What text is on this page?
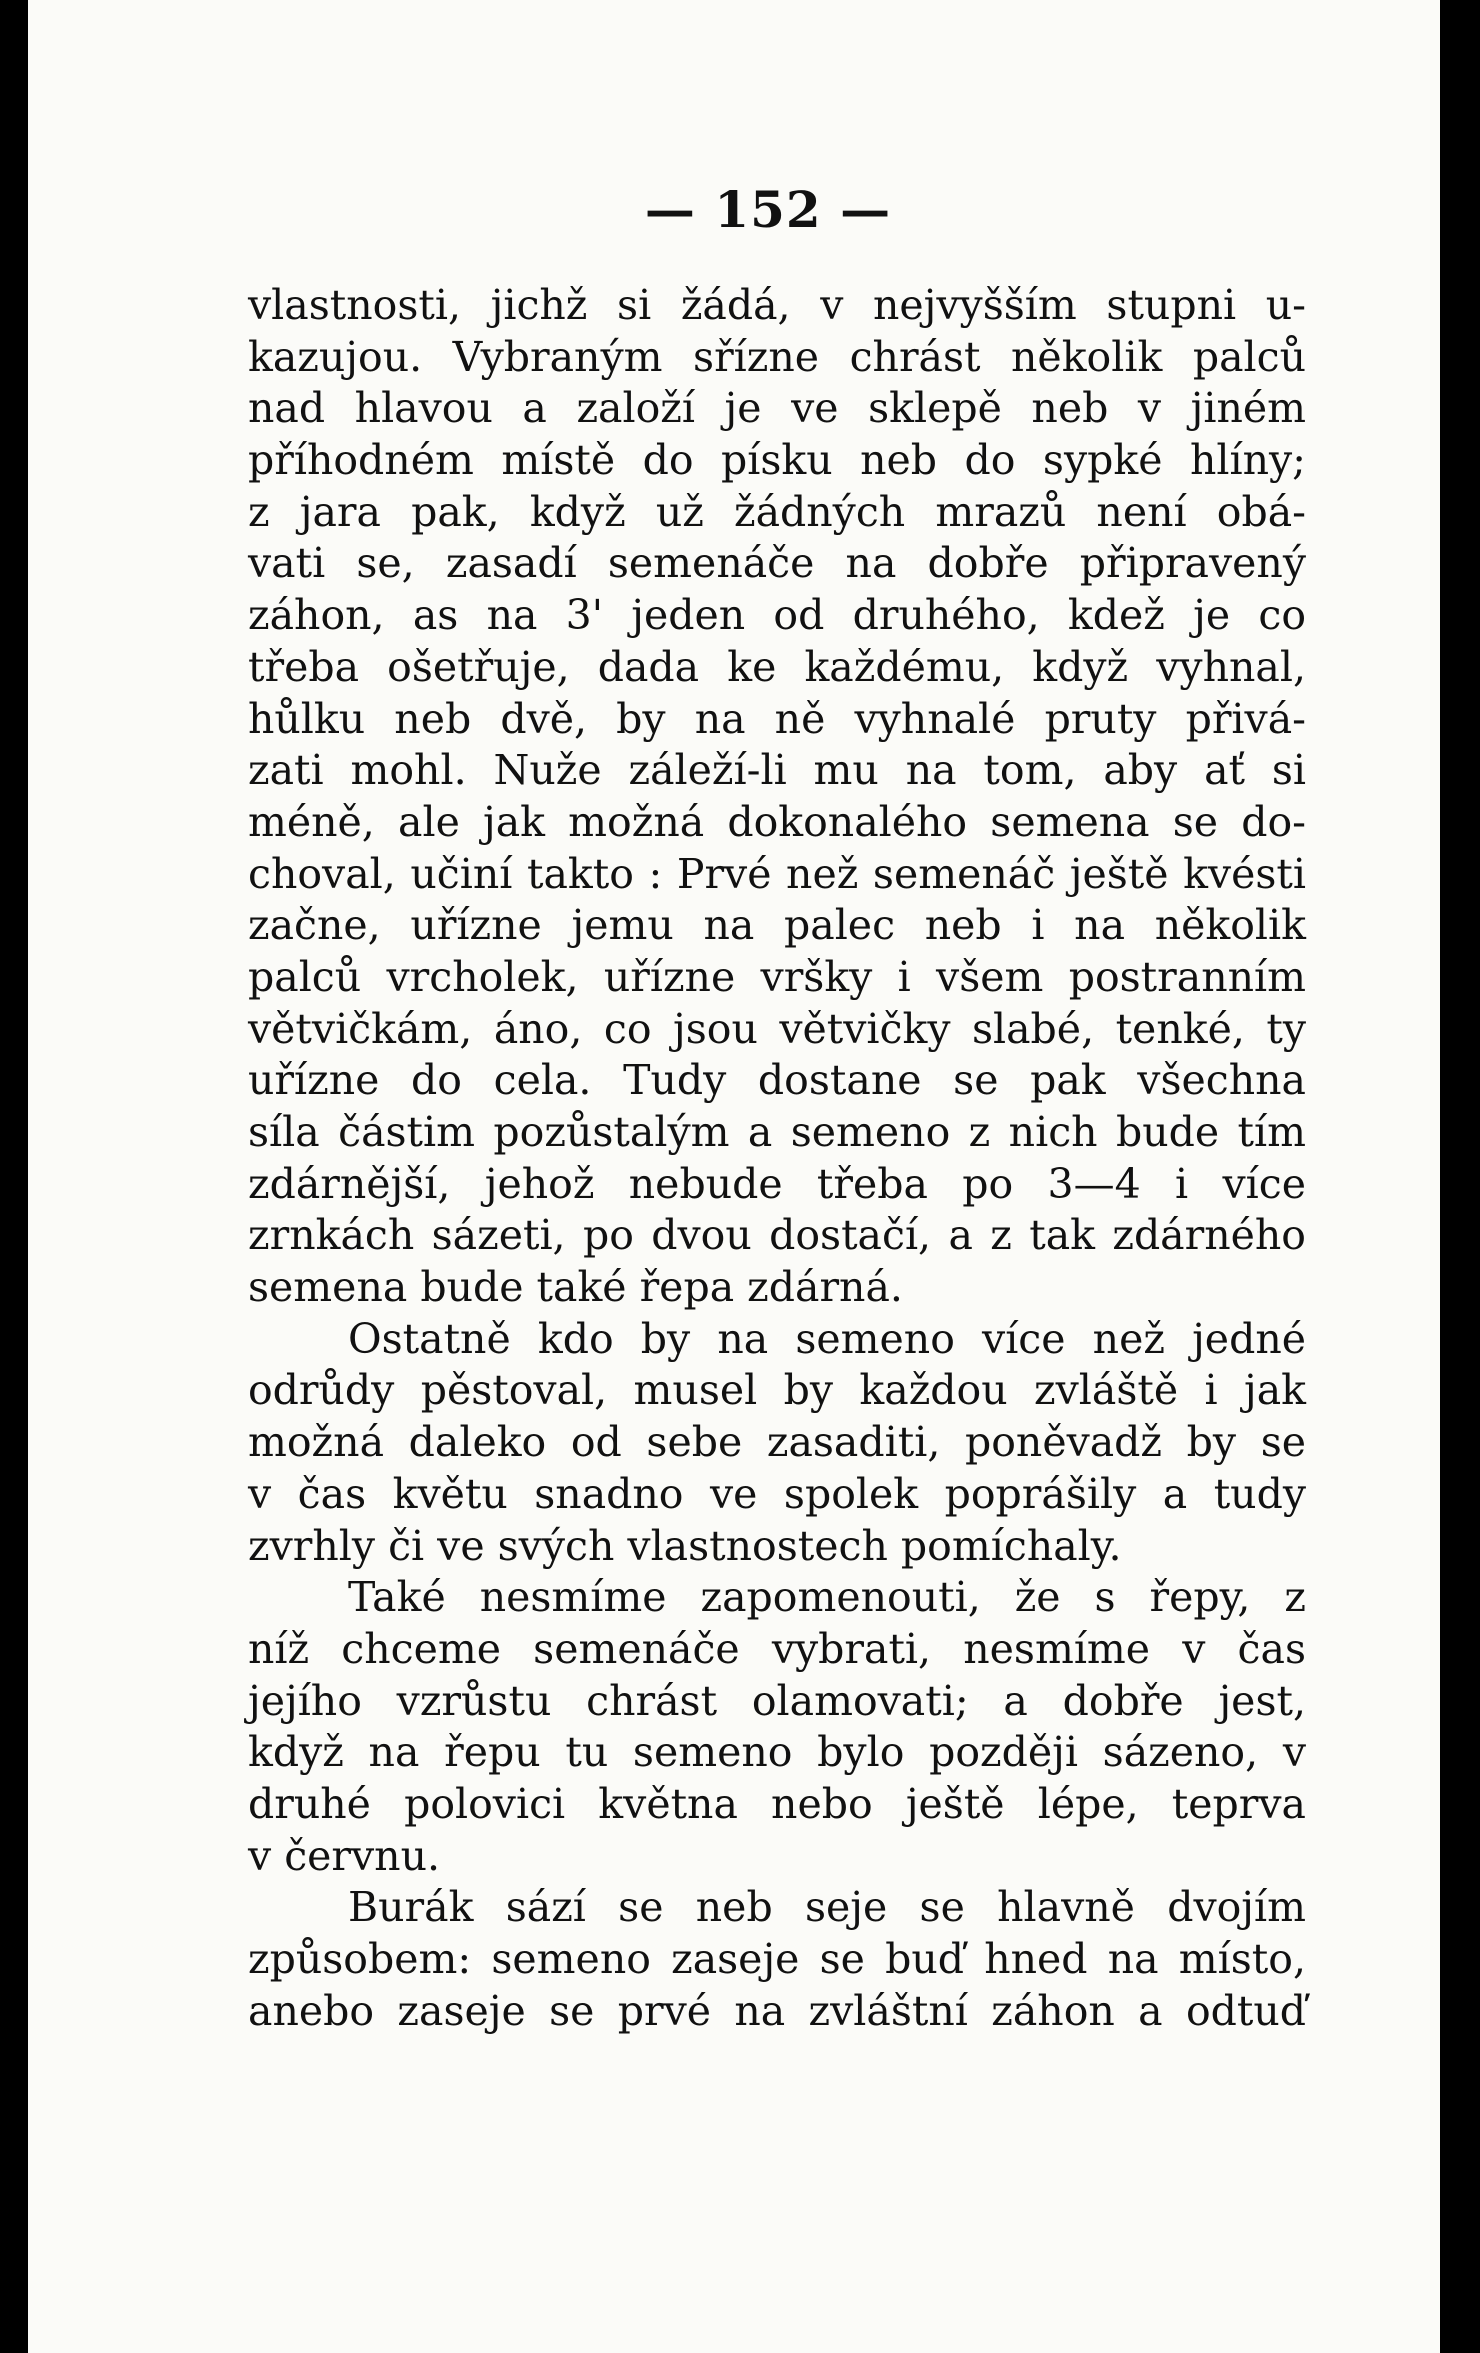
— 152 —
vlastnosti, jichž si žádá, v nejvyšším stupni u-
kazujou. Vybraným sřízne chrást několik palců
nad hlavou a založí je ve sklepě neb v jiném
příhodném místě do písku neb do sypké hlíny;
z jara pak, když už žádných mrazů není obá-
vati se, zasadí semenáče na dobře připravený
záhon, as na 3' jeden od druhého, kdež je co
třeba ošetřuje, dada ke každému, když vyhnal,
hůlku neb dvě, by na ně vyhnalé pruty přivá-
zati mohl. Nuže záleží-li mu na tom, aby ať si
méně, ale jak možná dokonalého semena se do-
choval, učiní takto : Prvé než semenáč ještě kvésti
začne, uřízne jemu na palec neb i na několik
palců vrcholek, uřízne vršky i všem postranním
větvičkám, áno, co jsou větvičky slabé, tenké, ty
uřízne do cela. Tudy dostane se pak všechna
síla částim pozůstalým a semeno z nich bude tím
zdárnější, jehož nebude třeba po 3—4 i více
zrnkách sázeti, po dvou dostačí, a z tak zdárného
semena bude také řepa zdárná.
Ostatně kdo by na semeno více než jedné
odrůdy pěstoval, musel by každou zvláště i jak
možná daleko od sebe zasaditi, poněvadž by se
v čas květu snadno ve spolek poprášily a tudy
zvrhly či ve svých vlastnostech pomíchaly.
Také nesmíme zapomenouti, že s řepy, z
níž chceme semenáče vybrati, nesmíme v čas
jejího vzrůstu chrást olamovati; a dobře jest,
když na řepu tu semeno bylo později sázeno, v
druhé polovici května nebo ještě lépe, teprva
v červnu.
Burák sází se neb seje se hlavně dvojím
způsobem: semeno zaseje se buď hned na místo,
anebo zaseje se prvé na zvláštní záhon a odtuď
